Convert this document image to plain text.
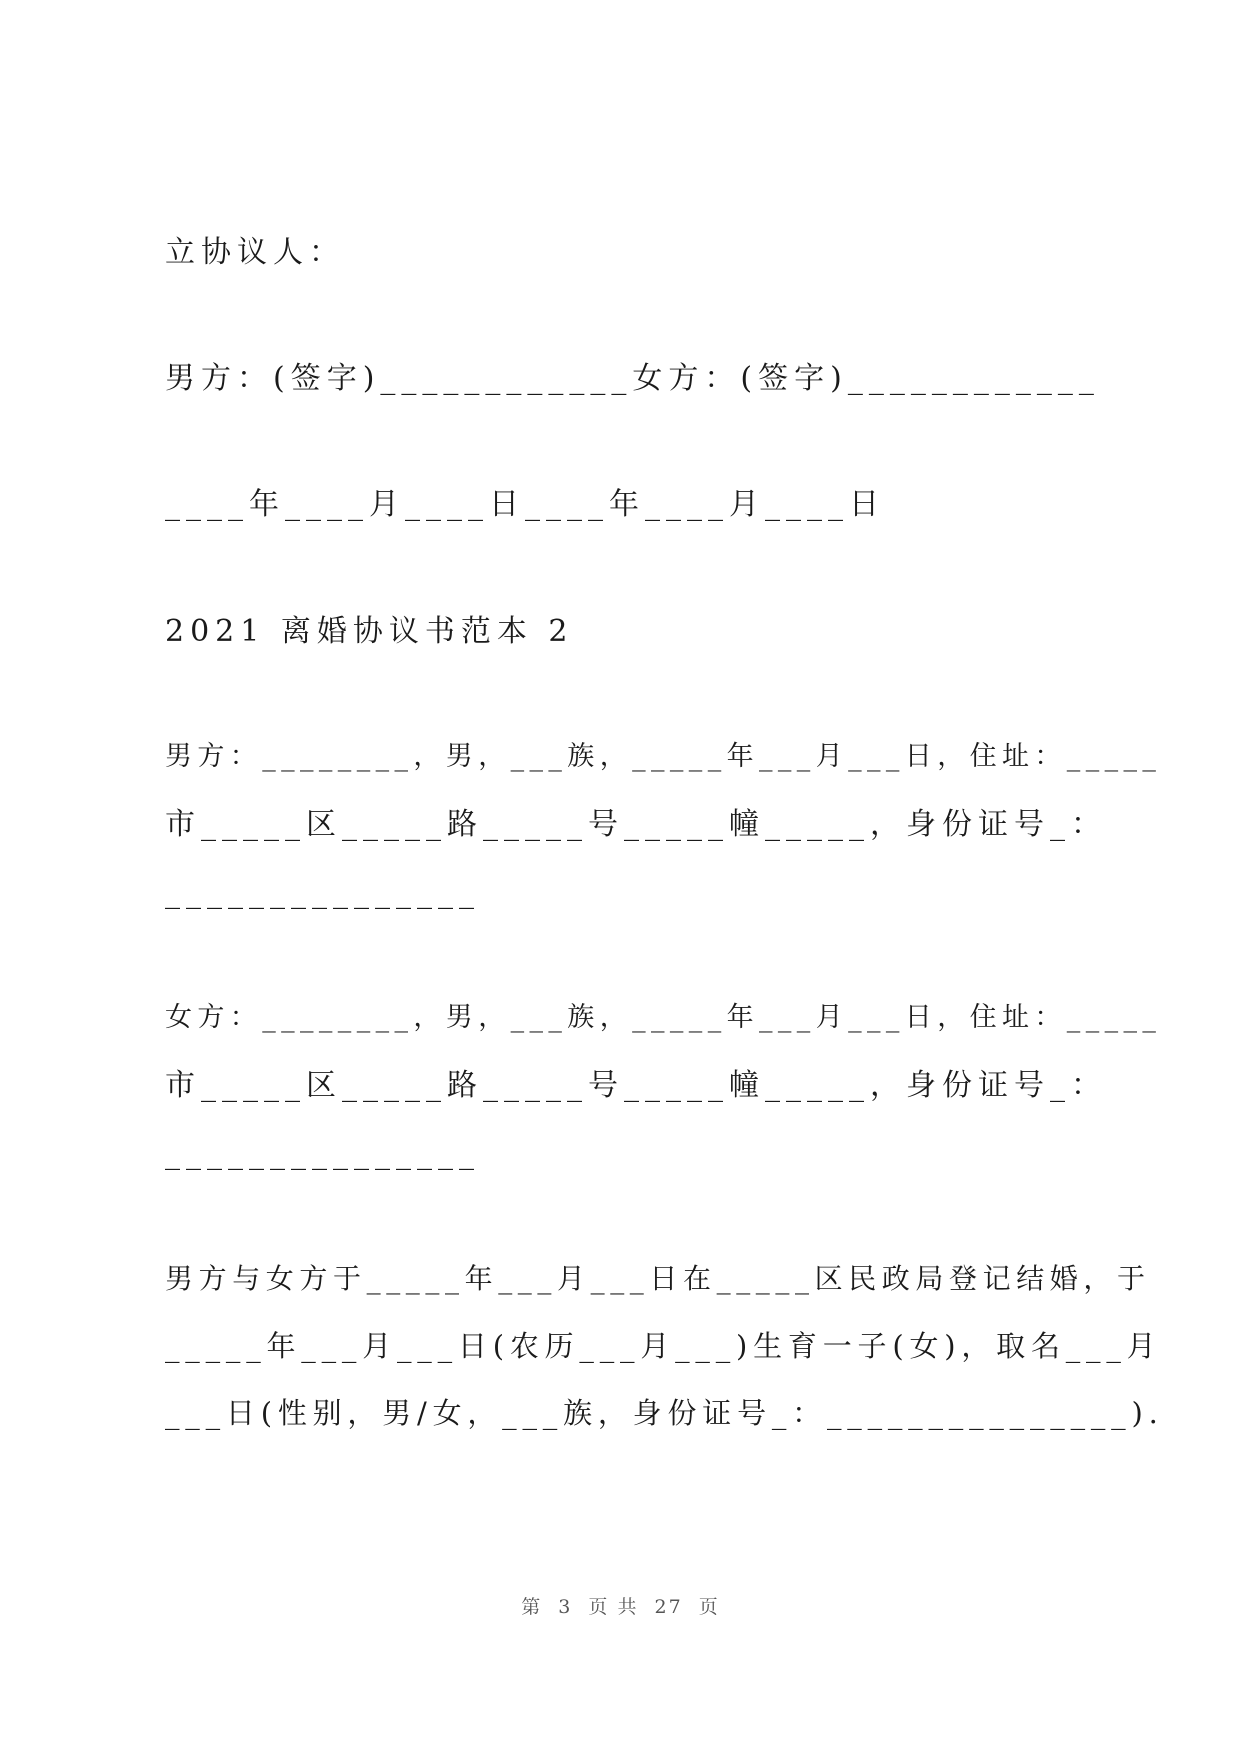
立协议人：

男方：(签字)____________女方：(签字)____________

____年____月____日____年____月____日

2021 离婚协议书范本 2

男方：________，男，___族，_____年___月___日，住址：_____

市_____区_____路_____号_____幢_____，身份证号_：

_______________

女方：________，男，___族，_____年___月___日，住址：_____

市_____区_____路_____号_____幢_____，身份证号_：

_______________

男方与女方于_____年___月___日在_____区民政局登记结婚，于

_____年___月___日(农历___月___)生育一子(女)，取名___月

___日(性别，男/女，___族，身份证号_：_______________).

第  3  页 共  27  页
